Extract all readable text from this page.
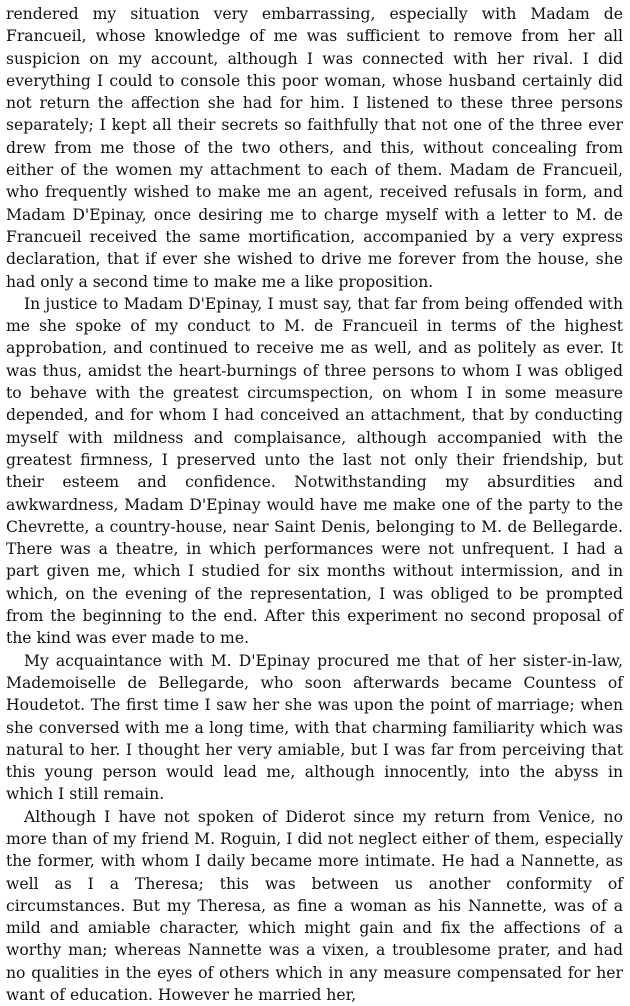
rendered my situation very embarrassing, especially with Madam de Francueil, whose knowledge of me was sufficient to remove from her all suspicion on my account, although I was connected with her rival. I did everything I could to console this poor woman, whose husband certainly did not return the affection she had for him. I listened to these three persons separately; I kept all their secrets so faithfully that not one of the three ever drew from me those of the two others, and this, without concealing from either of the women my attachment to each of them. Madam de Francueil, who frequently wished to make me an agent, received refusals in form, and Madam D'Epinay, once desiring me to charge myself with a letter to M. de Francueil received the same mortification, accompanied by a very express declaration, that if ever she wished to drive me forever from the house, she had only a second time to make me a like proposition.

In justice to Madam D'Epinay, I must say, that far from being offended with me she spoke of my conduct to M. de Francueil in terms of the highest approbation, and continued to receive me as well, and as politely as ever. It was thus, amidst the heart-burnings of three persons to whom I was obliged to behave with the greatest circumspection, on whom I in some measure depended, and for whom I had conceived an attachment, that by conducting myself with mildness and complaisance, although accompanied with the greatest firmness, I preserved unto the last not only their friendship, but their esteem and confidence. Notwithstanding my absurdities and awkwardness, Madam D'Epinay would have me make one of the party to the Chevrette, a country-house, near Saint Denis, belonging to M. de Bellegarde. There was a theatre, in which performances were not unfrequent. I had a part given me, which I studied for six months without intermission, and in which, on the evening of the representation, I was obliged to be prompted from the beginning to the end. After this experiment no second proposal of the kind was ever made to me.

My acquaintance with M. D'Epinay procured me that of her sister-in-law, Mademoiselle de Bellegarde, who soon afterwards became Countess of Houdetot. The first time I saw her she was upon the point of marriage; when she conversed with me a long time, with that charming familiarity which was natural to her. I thought her very amiable, but I was far from perceiving that this young person would lead me, although innocently, into the abyss in which I still remain.

Although I have not spoken of Diderot since my return from Venice, no more than of my friend M. Roguin, I did not neglect either of them, especially the former, with whom I daily became more intimate. He had a Nannette, as well as I a Theresa; this was between us another conformity of circumstances. But my Theresa, as fine a woman as his Nannette, was of a mild and amiable character, which might gain and fix the affections of a worthy man; whereas Nannette was a vixen, a troublesome prater, and had no qualities in the eyes of others which in any measure compensated for her want of education. However he married her,
